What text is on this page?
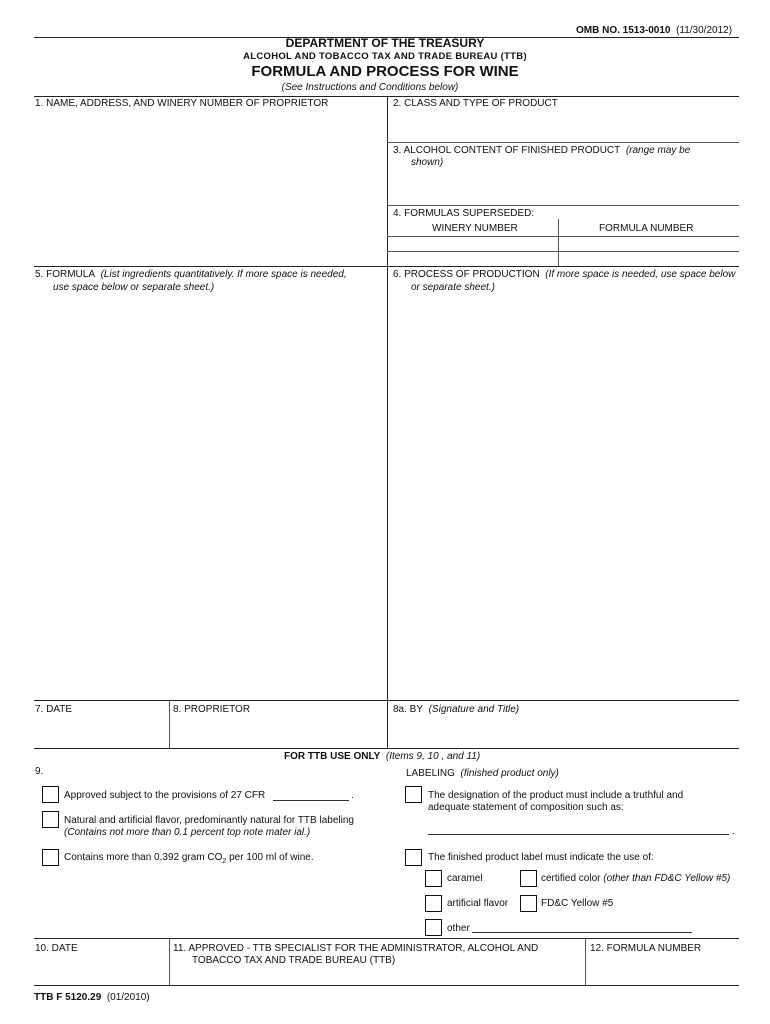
OMB NO. 1513-0010 (11/30/2012)
DEPARTMENT OF THE TREASURY
ALCOHOL AND TOBACCO TAX AND TRADE BUREAU (TTB)
FORMULA AND PROCESS FOR WINE
(See Instructions and Conditions below)
1. NAME, ADDRESS, AND WINERY NUMBER OF PROPRIETOR	2. CLASS AND TYPE OF PRODUCT
3. ALCOHOL CONTENT OF FINISHED PRODUCT (range may be
shown)
4. FORMULAS SUPERSEDED:
WINERY NUMBER	FORMULA NUMBER
5. FORMULA (List ingredients quantitatively. If more space is needed,
use space below or separate sheet.)
6. PROCESS OF PRODUCTION (If more space is needed, use space below
or separate sheet.)
7. DATE	8. PROPRIETOR	8a. BY (Signature and Title)
FOR TTB USE ONLY (Items 9, 10 , and 11)
9.	LABELING (finished product only)
Approved subject to the provisions of 27 CFR	.
Natural and artificial flavor, predominantly natural for TTB labeling
(Contains not more than 0.1 percent top note mater ial.)
Contains more than 0.392 gram $CO_2$ per 100 ml of wine.
The designation of the product must include a truthful and
adequate statement of composition such as:
.
The finished product label must indicate the use of:
caramel	certified color (other than FD&C Yellow #5)
artificial flavor	FD&C Yellow #5
other
10. DATE	11. APPROVED - TTB SPECIALIST FOR THE ADMINISTRATOR, ALCOHOL AND
TOBACCO TAX AND TRADE BUREAU (TTB)
12. FORMULA NUMBER
TTB F 5120.29 (01/2010)
